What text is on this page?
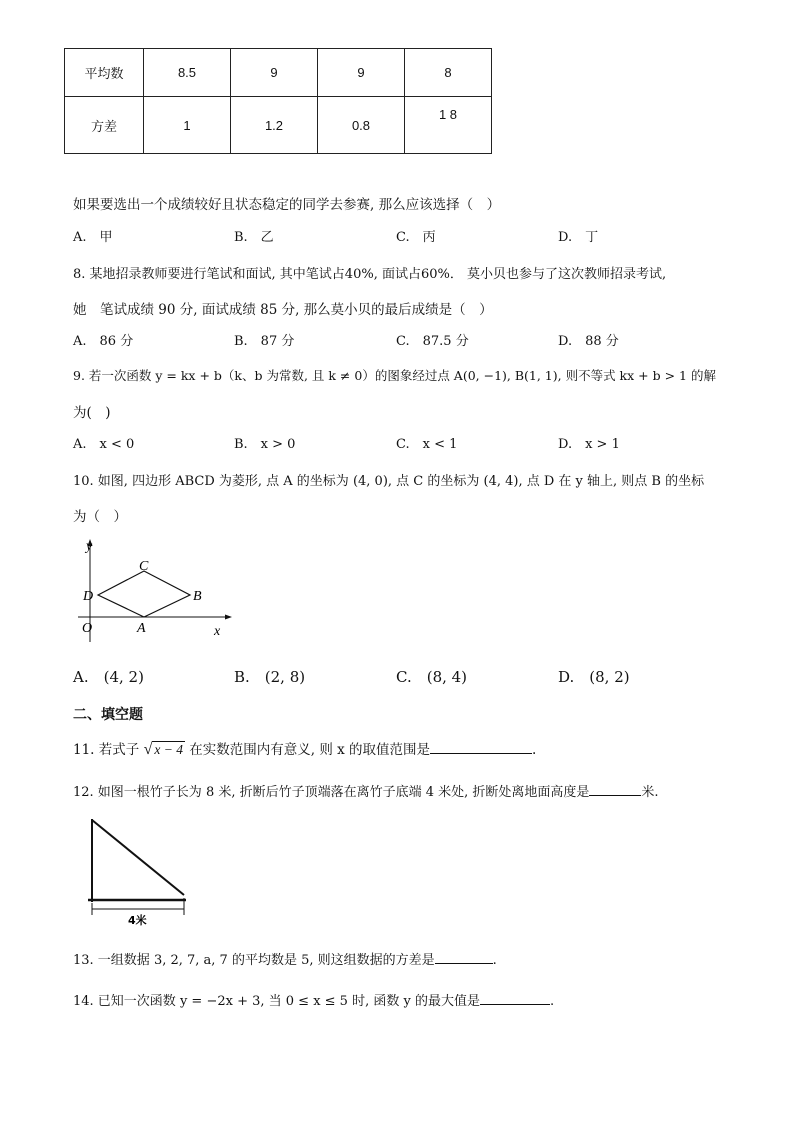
平均数	8.5	9	9	8
方差	1	1.2	0.8	1 8
如果要选出一个成绩较好且状态稳定的同学去参赛, 那么应该选择（　）
A.　甲	B.　乙	C.　丙	D.　丁
8. 某地招录教师要进行笔试和面试, 其中笔试占40%, 面试占60%． 莫小贝也参与了这次教师招录考试,
她　笔试成绩 90 分, 面试成绩 85 分, 那么莫小贝的最后成绩是（　）
A.　86 分	B.　87 分	C.　87.5 分	D.　88 分
9. 若一次函数 y = kx + b（k、b 为常数, 且 k ≠ 0）的图象经过点 A(0, −1), B(1, 1), 则不等式 kx + b > 1 的解
为(　)
A.　x < 0	B.　x > 0	C.　x < 1	D.　x > 1
10. 如图, 四边形 ABCD 为菱形, 点 A 的坐标为 (4, 0), 点 C 的坐标为 (4, 4), 点 D 在 y 轴上, 则点 B 的坐标
为（　）
y
x
O	A
B
C
D
A.　(4, 2)	B.　(2, 8)	C.　(8, 4)	D.　(8, 2)
二、填空题
11. 若式子 √ x − 4 在实数范围内有意义, 则 x 的取值范围是	.
12. 如图一根竹子长为 8 米, 折断后竹子顶端落在离竹子底端 4 米处, 折断处离地面高度是	米.
4米
13. 一组数据 3, 2, 7, a, 7 的平均数是 5, 则这组数据的方差是	.
14. 已知一次函数 y = −2x + 3, 当 0 ≤ x ≤ 5 时, 函数 y 的最大值是	.
